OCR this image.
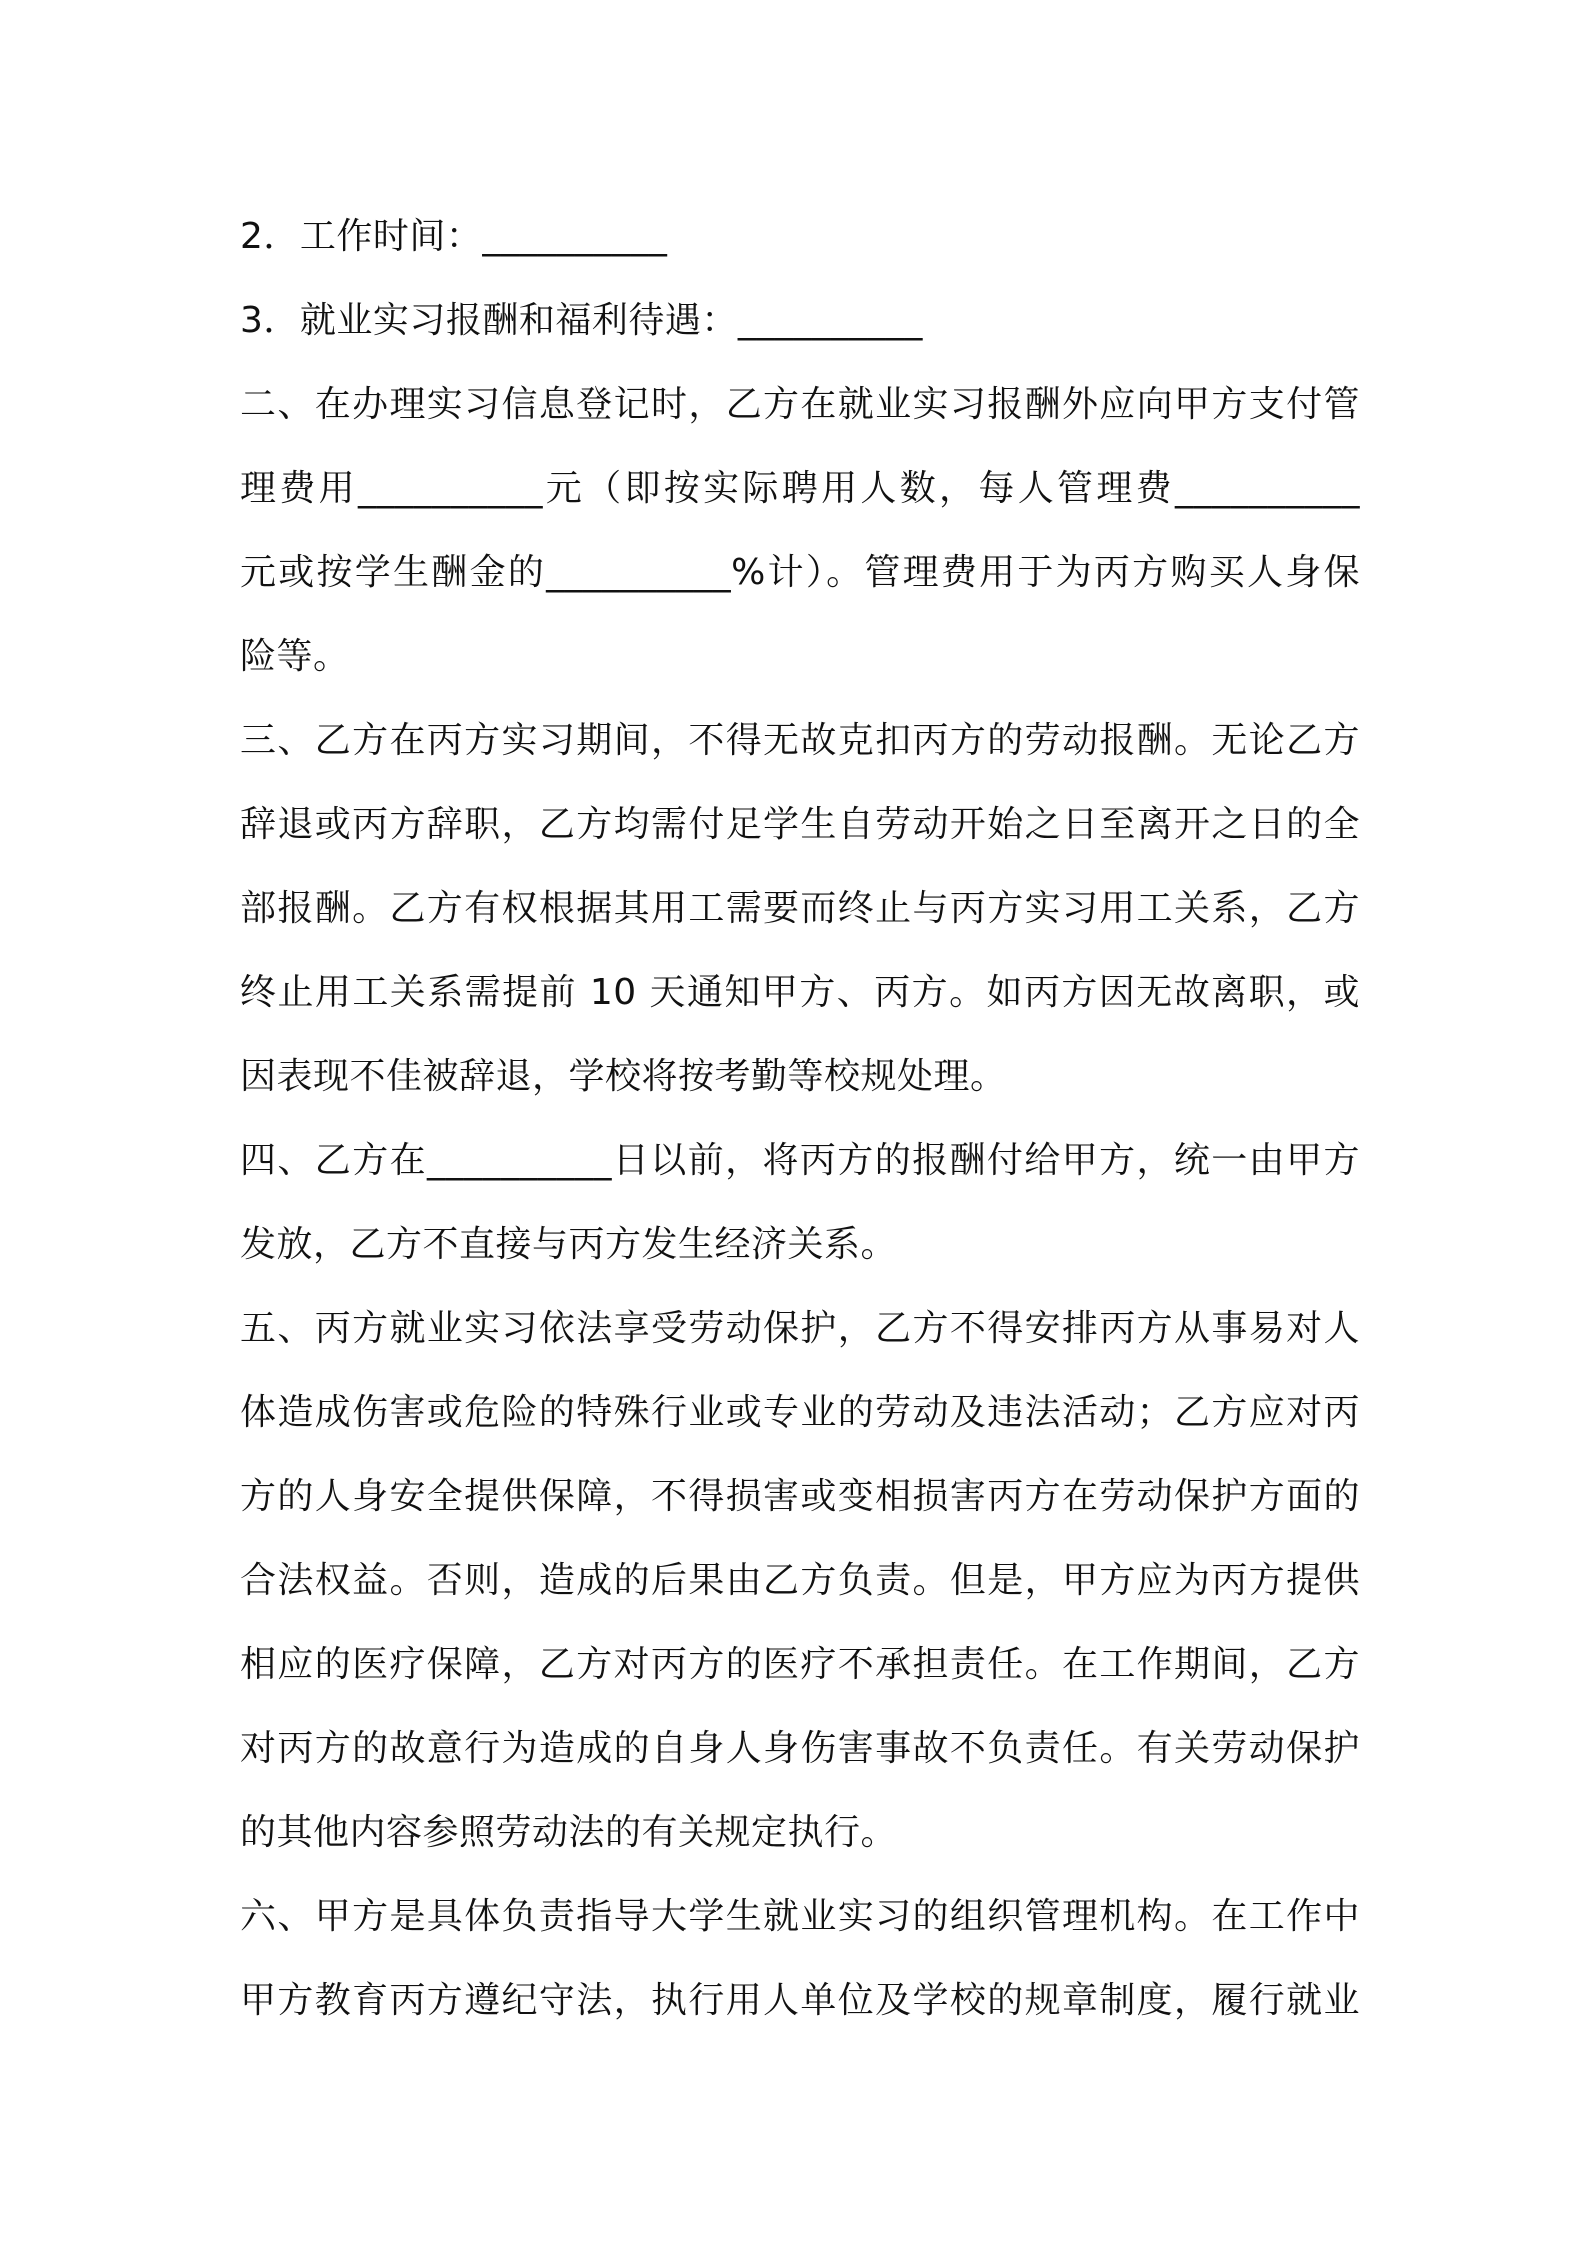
2．工作时间：__________
3．就业实习报酬和福利待遇：__________
二、在办理实习信息登记时，乙方在就业实习报酬外应向甲方支付管
理费用__________元（即按实际聘用人数，每人管理费__________
元或按学生酬金的__________%计）。管理费用于为丙方购买人身保
险等。
三、乙方在丙方实习期间，不得无故克扣丙方的劳动报酬。无论乙方
辞退或丙方辞职，乙方均需付足学生自劳动开始之日至离开之日的全
部报酬。乙方有权根据其用工需要而终止与丙方实习用工关系，乙方
终止用工关系需提前 10 天通知甲方、丙方。如丙方因无故离职，或
因表现不佳被辞退，学校将按考勤等校规处理。
四、乙方在__________日以前，将丙方的报酬付给甲方，统一由甲方
发放，乙方不直接与丙方发生经济关系。
五、丙方就业实习依法享受劳动保护，乙方不得安排丙方从事易对人
体造成伤害或危险的特殊行业或专业的劳动及违法活动；乙方应对丙
方的人身安全提供保障，不得损害或变相损害丙方在劳动保护方面的
合法权益。否则，造成的后果由乙方负责。但是，甲方应为丙方提供
相应的医疗保障，乙方对丙方的医疗不承担责任。在工作期间，乙方
对丙方的故意行为造成的自身人身伤害事故不负责任。有关劳动保护
的其他内容参照劳动法的有关规定执行。
六、甲方是具体负责指导大学生就业实习的组织管理机构。在工作中
甲方教育丙方遵纪守法，执行用人单位及学校的规章制度，履行就业
